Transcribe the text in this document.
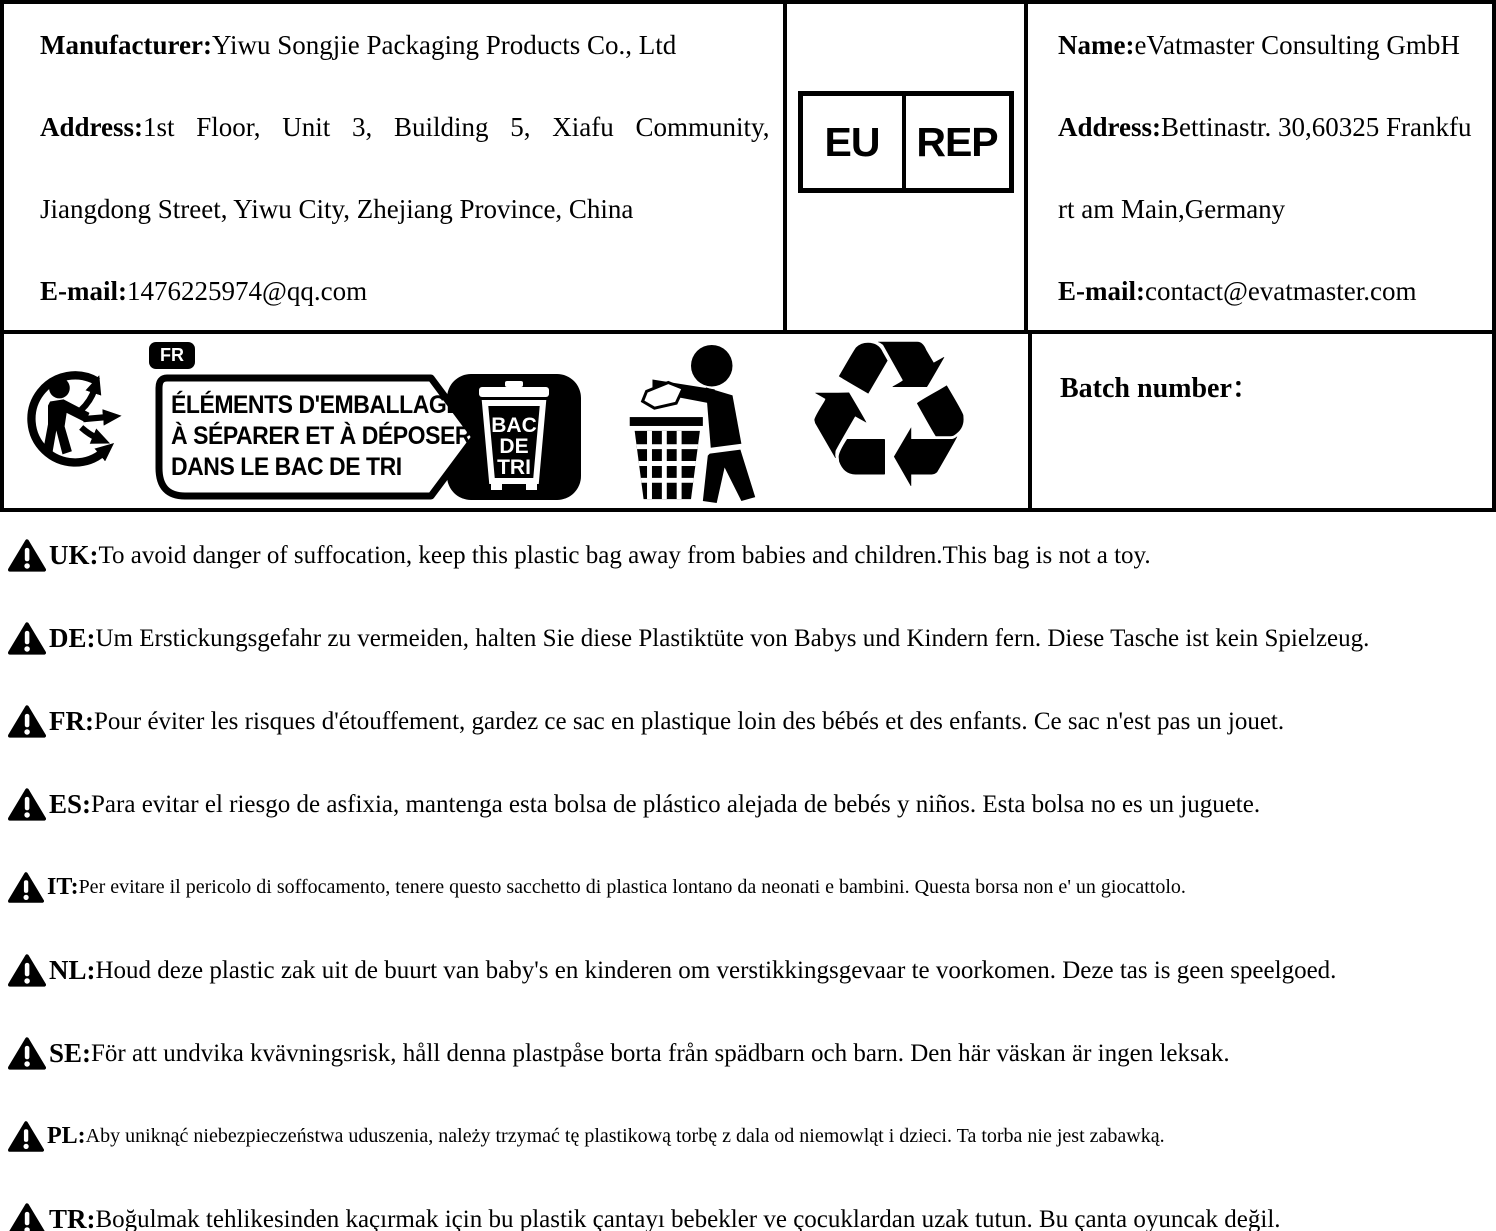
Manufacturer:Yiwu Songjie Packaging Products Co., Ltd

Address:1st Floor, Unit 3, Building 5, Xiafu Community,

Jiangdong Street, Yiwu City, Zhejiang Province, China

E-mail:1476225974@qq.com

EU REP

Name:eVatmaster Consulting GmbH

Address:Bettinastr. 30,60325 Frankfu

rt am Main,Germany

E-mail:contact@evatmaster.com

FR
ÉLÉMENTS D'EMBALLAGE
À SÉPARER ET À DÉPOSER
DANS LE BAC DE TRI
BAC
DE
TRI ♻	Batch number：
UK: To avoid danger of suffocation, keep this plastic bag away from babies and children.This bag is not a toy.
DE: Um Erstickungsgefahr zu vermeiden, halten Sie diese Plastiktüte von Babys und Kindern fern. Diese Tasche ist kein Spielzeug.
FR: Pour éviter les risques d'étouffement, gardez ce sac en plastique loin des bébés et des enfants. Ce sac n'est pas un jouet.
ES: Para evitar el riesgo de asfixia, mantenga esta bolsa de plástico alejada de bebés y niños. Esta bolsa no es un juguete.
IT: Per evitare il pericolo di soffocamento, tenere questo sacchetto di plastica lontano da neonati e bambini. Questa borsa non e' un giocattolo.
NL: Houd deze plastic zak uit de buurt van baby's en kinderen om verstikkingsgevaar te voorkomen. Deze tas is geen speelgoed.
SE: För att undvika kvävningsrisk, håll denna plastpåse borta från spädbarn och barn. Den här väskan är ingen leksak.
PL: Aby uniknąć niebezpieczeństwa uduszenia, należy trzymać tę plastikową torbę z dala od niemowląt i dzieci. Ta torba nie jest zabawką.
TR: Boğulmak tehlikesinden kaçırmak için bu plastik çantayı bebekler ve çocuklardan uzak tutun. Bu çanta oyuncak değil.
